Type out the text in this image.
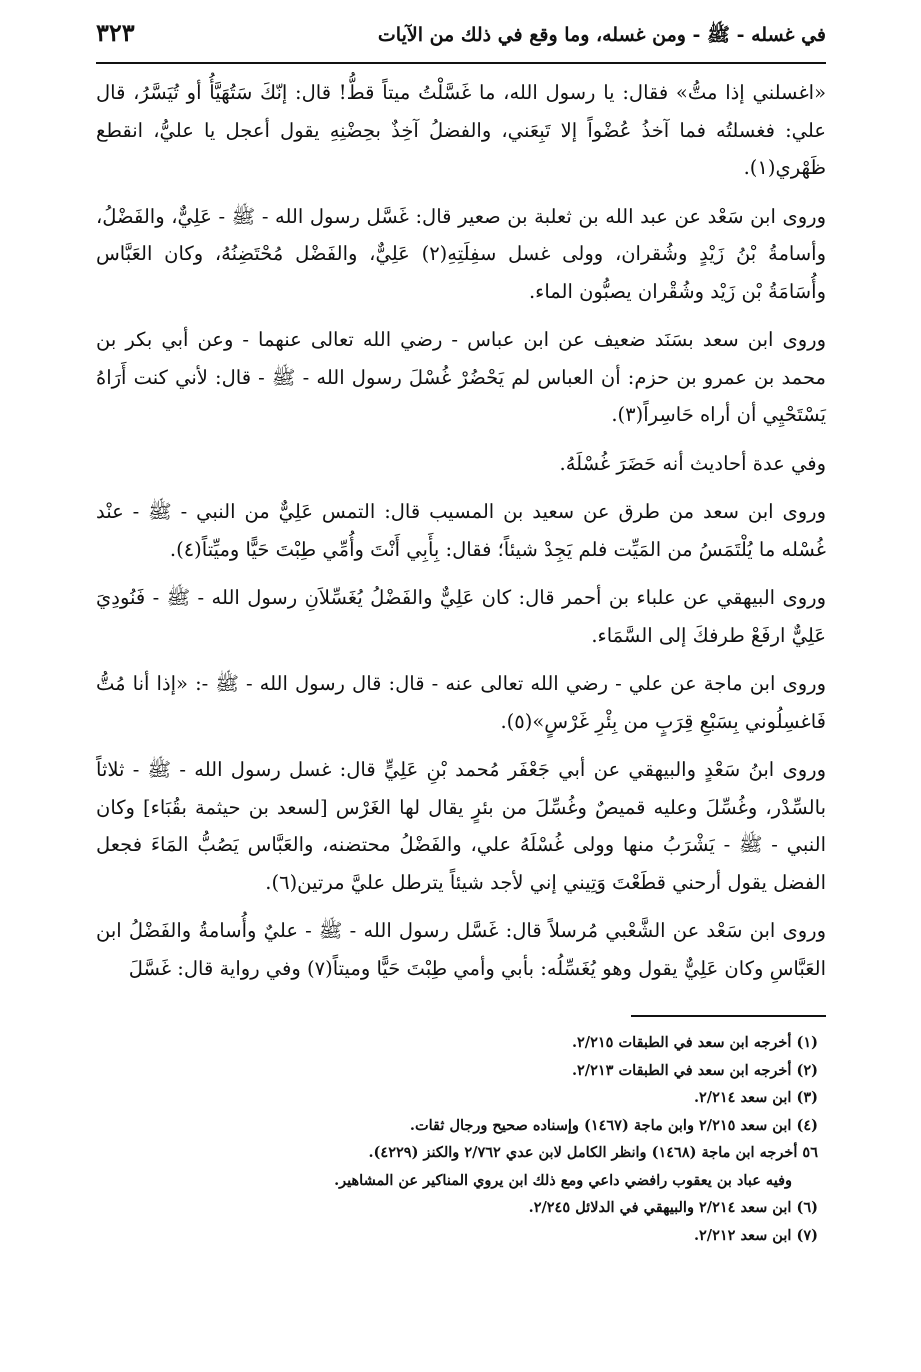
في غسله - ﷺ - ومن غسله، وما وقع في ذلك من الآيات
٣٢٣

«اغسلني إذا متُّ» فقال: يا رسول الله، ما غَسَّلْتُ ميتاً قطُّ! قال: إنّكَ سَتُهَيَّأُ أو تُيَسَّرُ، قال علي: فغسلتُه فما آخذُ عُضْواً إلا تَبِعَني، والفضلُ آخِذٌ بحِضْنِهِ يقول أعجل يا عليُّ، انقطع ظَهْري(١).

وروى ابن سَعْد عن عبد الله بن ثعلبة بن صعير قال: غَسَّل رسول الله - ﷺ - عَلِيٌّ، والفَضْلُ، وأسامةُ بْنُ زَيْدٍ وشُقران، وولى غسل سفِلَتِهِ(٢) عَلِيٌّ، والفَضْل مُحْتَضِنُهُ، وكان العَبَّاس وأُسَامَةُ بْن زَيْد وشُقْران يصبُّون الماء.

وروى ابن سعد بسَنَد ضعيف عن ابن عباس - رضي الله تعالى عنهما - وعن أبي بكر بن محمد بن عمرو بن حزم: أن العباس لم يَحْضُرْ غُسْلَ رسول الله - ﷺ - قال: لأني كنت أَرَاهُ يَسْتَحْيِي أن أراه حَاسِراً(٣).

وفي عدة أحاديث أنه حَضَرَ غُسْلَهُ.

وروى ابن سعد من طرق عن سعيد بن المسيب قال: التمس عَلِيٌّ من النبي - ﷺ - عنْد غُسْله ما يُلْتَمَسُ من المَيِّت فلم يَجِدْ شيئاً؛ فقال: بِأَبِي أَنْتَ وأُمِّي طِبْتَ حَيًّا وميِّتاً(٤).

وروى البيهقي عن علباء بن أحمر قال: كان عَلِيٌّ والفَضْلُ يُغَسِّلاَنِ رسول الله - ﷺ - فَنُودِيَ عَلِيٌّ ارفَعْ طرفكَ إلى السَّمَاء.

وروى ابن ماجة عن علي - رضي الله تعالى عنه - قال: قال رسول الله - ﷺ -: «إذا أنا مُتُّ فَاغسِلُوني بِسَبْعِ قِرَبٍ من بِئْرِ غَرْسٍ»(٥).

وروى ابنُ سَعْدٍ والبيهقي عن أبي جَعْفَر مُحمد بْنِ عَلِيٍّ قال: غسل رسول الله - ﷺ - ثلاثاً بالسِّدْر، وغُسِّلَ وعليه قميصٌ وغُسِّلَ من بئرٍ يقال لها الغَرْس [لسعد بن حيثمة بقُبَاء] وكان النبي - ﷺ - يَشْرَبُ منها وولى غُسْلَهُ علي، والفَضْلُ محتضنه، والعَبَّاس يَصُبُّ المَاءَ فجعل الفضل يقول أرحني قطَعْتَ وَتِيني إني لأجد شيئاً يترطل عليَّ مرتين(٦).

وروى ابن سَعْد عن الشَّعْبي مُرسلاً قال: غَسَّل رسول الله - ﷺ - عليٌ وأُسامةُ والفَضْلُ ابن العَبَّاسِ وكان عَلِيٌّ يقول وهو يُغَسِّلُه: بأبي وأمي طِبْتَ حَيًّا وميتاً(٧) وفي رواية قال: غَسَّلَ

(١) أخرجه ابن سعد في الطبقات ٢/٢١٥.

(٢) أخرجه ابن سعد في الطبقات ٢/٢١٣.

(٣) ابن سعد ٢/٢١٤.

(٤) ابن سعد ٢/٢١٥ وابن ماجة (١٤٦٧) وإسناده صحيح ورجال ثقات.

٥٦ أخرجه ابن ماجة (١٤٦٨) وانظر الكامل لابن عدي ٢/٧٦٢ والكنز (٤٢٢٩).

وفيه عباد بن يعقوب رافضي داعي ومع ذلك ابن يروي المناكير عن المشاهير.

(٦) ابن سعد ٢/٢١٤ والبيهقي في الدلائل ٢/٢٤٥.

(٧) ابن سعد ٢/٢١٢.
